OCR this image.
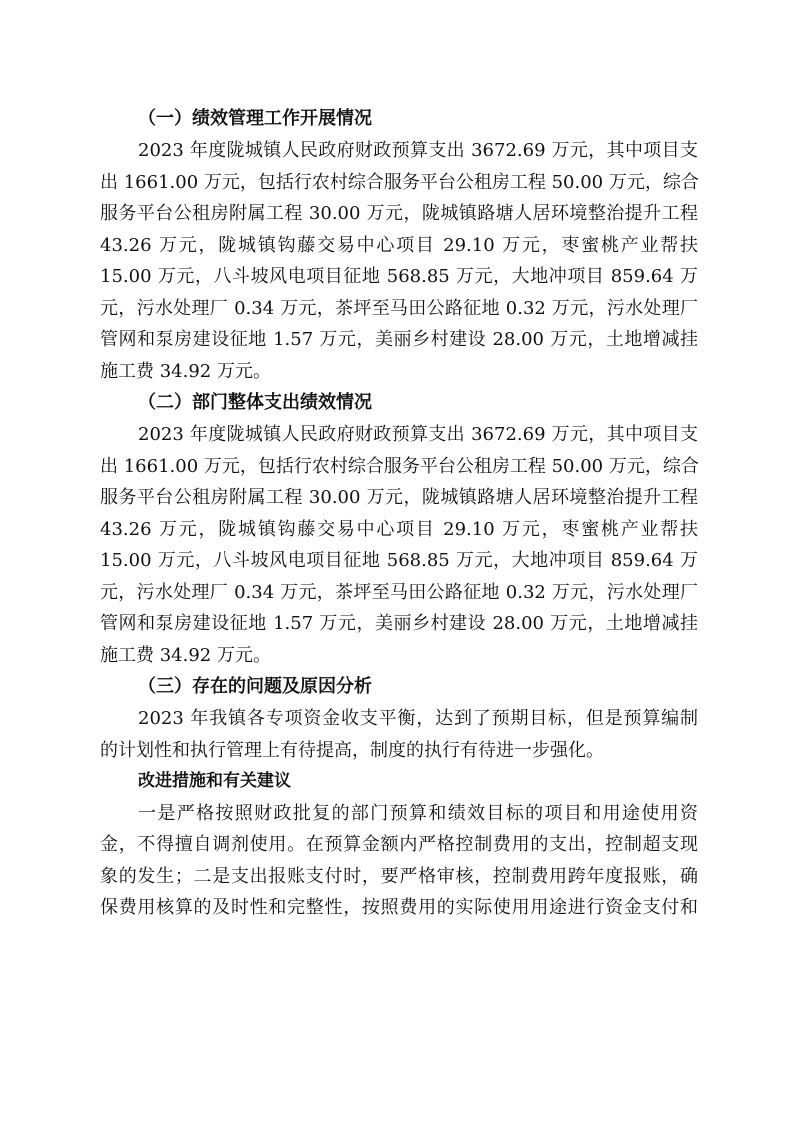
（一）绩效管理工作开展情况

2023 年度陇城镇人民政府财政预算支出 3672.69 万元，其中项目支
出 1661.00 万元，包括行农村综合服务平台公租房工程 50.00 万元，综合
服务平台公租房附属工程 30.00 万元，陇城镇路塘人居环境整治提升工程
43.26 万元，陇城镇钩藤交易中心项目 29.10 万元，枣蜜桃产业帮扶
15.00 万元，八斗坡风电项目征地 568.85 万元，大地冲项目 859.64 万
元，污水处理厂 0.34 万元，茶坪至马田公路征地 0.32 万元，污水处理厂
管网和泵房建设征地 1.57 万元，美丽乡村建设 28.00 万元，土地增减挂
施工费 34.92 万元。

（二）部门整体支出绩效情况

2023 年度陇城镇人民政府财政预算支出 3672.69 万元，其中项目支
出 1661.00 万元，包括行农村综合服务平台公租房工程 50.00 万元，综合
服务平台公租房附属工程 30.00 万元，陇城镇路塘人居环境整治提升工程
43.26 万元，陇城镇钩藤交易中心项目 29.10 万元，枣蜜桃产业帮扶
15.00 万元，八斗坡风电项目征地 568.85 万元，大地冲项目 859.64 万
元，污水处理厂 0.34 万元，茶坪至马田公路征地 0.32 万元，污水处理厂
管网和泵房建设征地 1.57 万元，美丽乡村建设 28.00 万元，土地增减挂
施工费 34.92 万元。

（三）存在的问题及原因分析

2023 年我镇各专项资金收支平衡，达到了预期目标，但是预算编制
的计划性和执行管理上有待提高，制度的执行有待进一步强化。

改进措施和有关建议

一是严格按照财政批复的部门预算和绩效目标的项目和用途使用资
金，不得擅自调剂使用。在预算金额内严格控制费用的支出，控制超支现
象的发生；二是支出报账支付时，要严格审核，控制费用跨年度报账，确
保费用核算的及时性和完整性，按照费用的实际使用用途进行资金支付和
